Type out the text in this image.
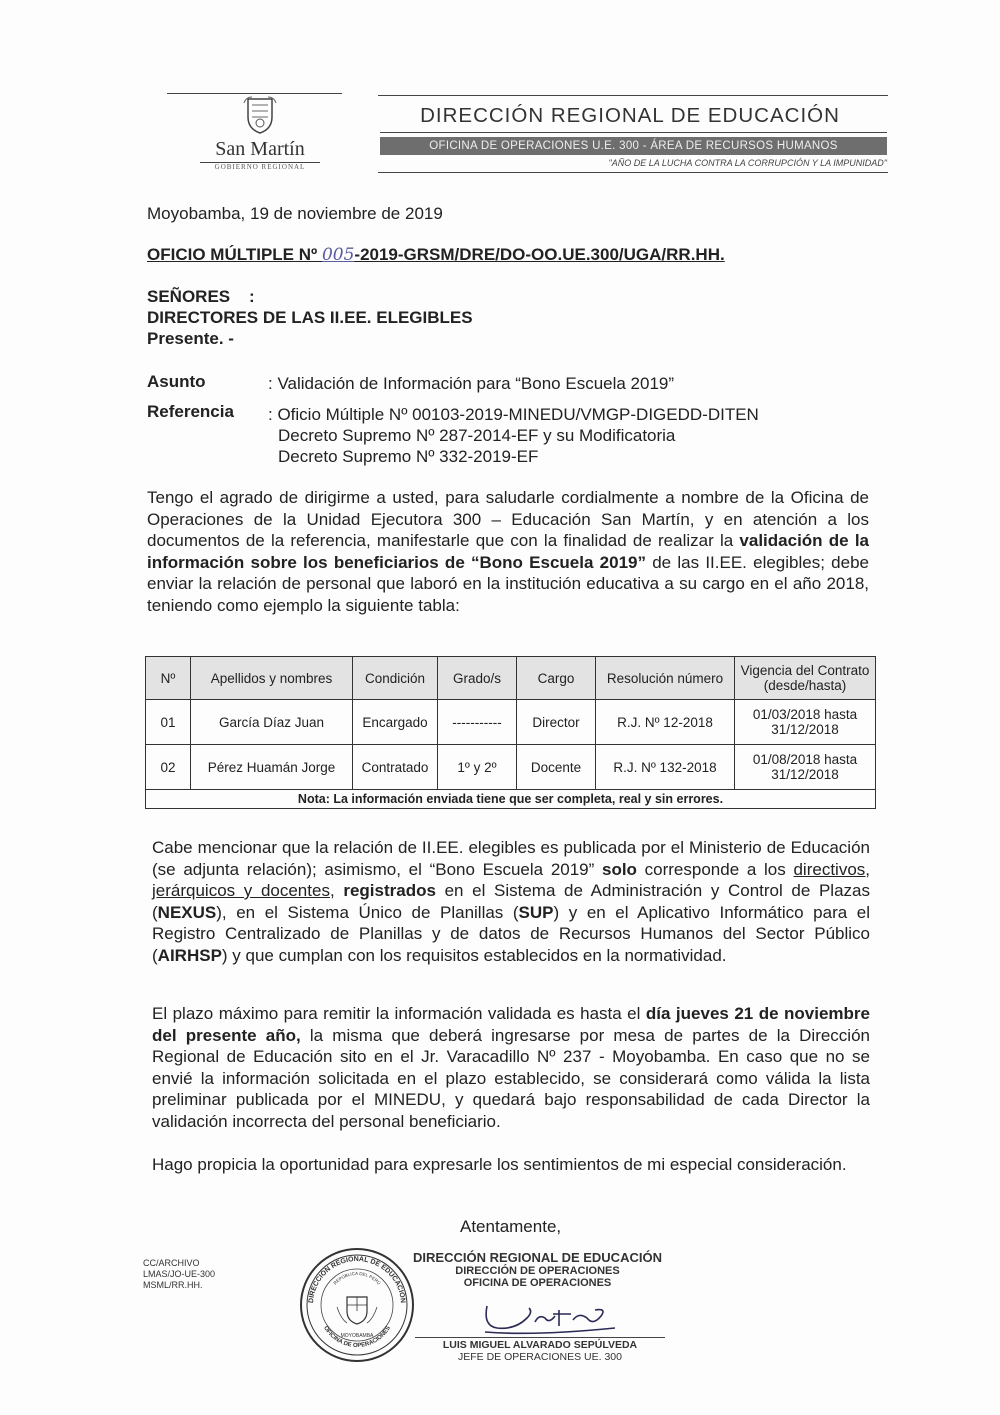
San Martín
GOBIERNO REGIONAL
DIRECCIÓN REGIONAL DE EDUCACIÓN
OFICINA DE OPERACIONES U.E. 300 - ÁREA DE RECURSOS HUMANOS
"AÑO DE LA LUCHA CONTRA LA CORRUPCIÓN Y LA IMPUNIDAD"
Moyobamba, 19 de noviembre de 2019
OFICIO MÚLTIPLE Nº 005-2019-GRSM/DRE/DO-OO.UE.300/UGA/RR.HH.
SEÑORES    :
DIRECTORES DE LAS II.EE. ELEGIBLES
Presente. -
Asunto	: Validación de Información para “Bono Escuela 2019”
Referencia : Oficio Múltiple Nº 00103-2019-MINEDU/VMGP-DIGEDD-DITEN
Decreto Supremo Nº 287-2014-EF y su Modificatoria
Decreto Supremo Nº 332-2019-EF
Tengo el agrado de dirigirme a usted, para saludarle cordialmente a nombre de la Oficina de Operaciones de la Unidad Ejecutora 300 – Educación San Martín, y en atención a los documentos de la referencia, manifestarle que con la finalidad de realizar la validación de la información sobre los beneficiarios de “Bono Escuela 2019” de las II.EE. elegibles; debe enviar la relación de personal que laboró en la institución educativa a su cargo en el año 2018, teniendo como ejemplo la siguiente tabla:
Nº	Apellidos y nombres	Condición	Grado/s	Cargo	Resolución número	Vigencia del Contrato (desde/hasta)
01	García Díaz Juan	Encargado	-----------	Director	R.J. Nº 12-2018	01/03/2018 hasta 31/12/2018
02	Pérez Huamán Jorge	Contratado	1º y 2º	Docente	R.J. Nº 132-2018	01/08/2018 hasta 31/12/2018
Nota: La información enviada tiene que ser completa, real y sin errores.						
Cabe mencionar que la relación de II.EE. elegibles es publicada por el Ministerio de Educación (se adjunta relación); asimismo, el “Bono Escuela 2019” solo corresponde a los directivos, jerárquicos y docentes, registrados en el Sistema de Administración y Control de Plazas (NEXUS), en el Sistema Único de Planillas (SUP) y en el Aplicativo Informático para el Registro Centralizado de Planillas y de datos de Recursos Humanos del Sector Público (AIRHSP) y que cumplan con los requisitos establecidos en la normatividad.
El plazo máximo para remitir la información validada es hasta el día jueves 21 de noviembre del presente año, la misma que deberá ingresarse por mesa de partes de la Dirección Regional de Educación sito en el Jr. Varacadillo Nº 237 - Moyobamba. En caso que no se envié la información solicitada en el plazo establecido, se considerará como válida la lista preliminar publicada por el MINEDU, y quedará bajo responsabilidad de cada Director la validación incorrecta del personal beneficiario.
Hago propicia la oportunidad para expresarle los sentimientos de mi especial consideración.
Atentamente,
CC/ARCHIVO
LMAS/JO-UE-300
MSML/RR.HH.
DIRECCIÓN REGIONAL DE EDUCACIÓN
OFICINA DE OPERACIONES
REPÚBLICA DEL PERÚ
MOYOBAMBA
DIRECCIÓN REGIONAL DE EDUCACIÓN
DIRECCIÓN DE OPERACIONES
OFICINA DE OPERACIONES
LUIS MIGUEL ALVARADO SEPÚLVEDA
JEFE DE OPERACIONES UE. 300
